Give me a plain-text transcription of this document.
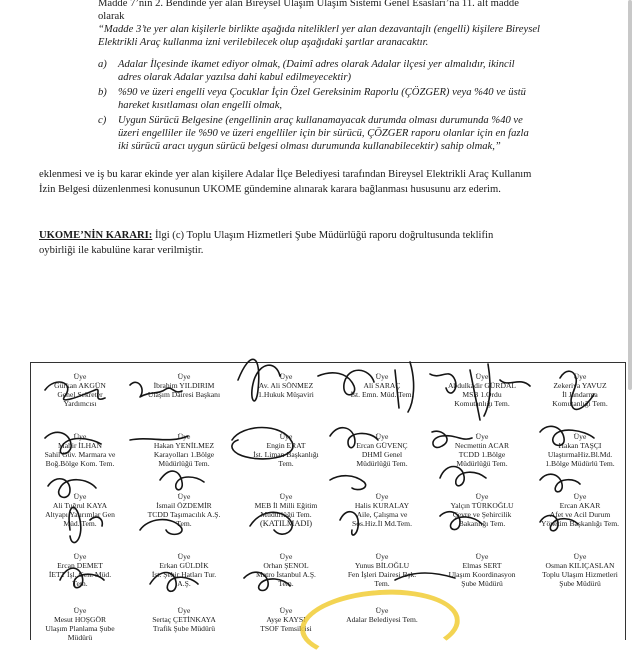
Madde 7’nin 2. Bendinde yer alan Bireysel Ulaşım Ulaşım Sistemi Genel Esasları’na 11. alt madde
olarak
“Madde 3’te yer alan kişilerle birlikte aşağıda niteliklerl yer alan dezavantajlı (engelli) kişilere Bireysel
Elektrikli Araç kullanma izni verilebilecek olup aşağıdaki şartlar aranacaktır.
a) Adalar İlçesinde ikamet ediyor olmak, (Daimî adres olarak Adalar ilçesi yer almalıdır, ikincil
adres olarak Adalar yazılsa dahi kabul edilmeyecektir)
b) %90 ve üzeri engelli veya Çocuklar İçin Özel Gereksinim Raporlu (ÇÖZGER) veya %40 ve üstü
hareket kısıtlaması olan engelli olmak,
c) Uygun Sürücü Belgesine (engellinin araç kullanamayacak durumda olması durumunda %40 ve
üzeri engelliler ile %90 ve üzeri engelliler için bir sürücü, ÇÖZGER raporu olanlar için en fazla
iki sürücü aracı uygun sürücü belgesi olması durumunda kullanabilecektir) sahip olmak,”
eklenmesi ve iş bu karar ekinde yer alan kişilere Adalar İlçe Belediyesi tarafından Bireysel Elektrikli Araç Kullanım
İzin Belgesi düzenlenmesi konusunun UKOME gündemine alınarak karara bağlanması hususunu arz ederim.
UKOME’NİN KARARI: İlgi (c) Toplu Ulaşım Hizmetleri Şube Müdürlüğü raporu doğrultusunda teklifin
oybirliği ile kabulüne karar verilmiştir.
Üye
Gürkan AKGÜN
Genel Sekreter
Yardımcısı
Üye
İbrahim YILDIRIM
Ulaşım Dairesi Başkanı
Üye
Av. Ali SÖNMEZ
1.Hukuk Müşaviri
Üye
Ali SARAÇ
İst. Emn. Müd. Tem.
Üye
Abdulkadir GÜRDAL
MSB 1.Ordu
Komutanlığı Tem.
Üye
Zekeriya YAVUZ
İl Jandarma
Komutanlığı Tem.
Üye
Mahir İLHAN
Sahil Güv. Marmara ve
Boğ.Bölge Kom. Tem.
Üye
Hakan YENİLMEZ
Karayolları 1.Bölge
Müdürlüğü Tem.
Üye
Engin ERAT
İst. Liman Başkanlığı
Tem.
Üye
Ercan GÜVENÇ
DHMİ Genel
Müdürlüğü Tem.
Üye
Necmettin ACAR
TCDD 1.Bölge
Müdürlüğü Tem.
Üye
Hakan TAŞÇI
UlaştırmaHiz.Bl.Md.
1.Bölge Müdürlü Tem.
Üye
Ali Tuğrul KAYA
Altyapı Yatırımlar Gen
Müd. Tem.
Üye
İsmail ÖZDEMİR
TCDD Taşımacılık A.Ş.
Tem.
Üye
MEB İl Milli Eğitim
Müdürlüğü Tem.
(KATILMADI)
Üye
Halis KURALAY
Aile, Çalışma ve
Sos.Hiz.İl Md.Tem.
Üye
Yalçın TÜRKOĞLU
Çevre ve Şehircilik
Bakanlığı Tem.
Üye
Ercan AKAR
Afet ve Acil Durum
Yönetim Başkanlığı Tem.
Üye
Ercan DEMET
İETT İşl. Gen. Müd.
Tem.
Üye
Erkan GÜLDİK
İst. Şehir Hatları Tur.
A.Ş.
Üye
Orhan ŞENOL
Metro İstanbul A.Ş.
Tem.
Üye
Yunus BİLOĞLU
Fen İşleri Dairesi Bşk.
Tem.
Üye
Elmas SERT
Ulaşım Koordinasyon
Şube Müdürü
Üye
Osman KILIÇASLAN
Toplu Ulaşım Hizmetleri
Şube Müdürü
Üye
Mesut HOŞGÖR
Ulaşım Planlama Şube
Müdürü
Üye
Sertaç ÇETİNKAYA
Trafik Şube Müdürü
Üye
Ayşe KAYSI
TSOF Temsilcisi
Üye
Adalar Belediyesi Tem.
